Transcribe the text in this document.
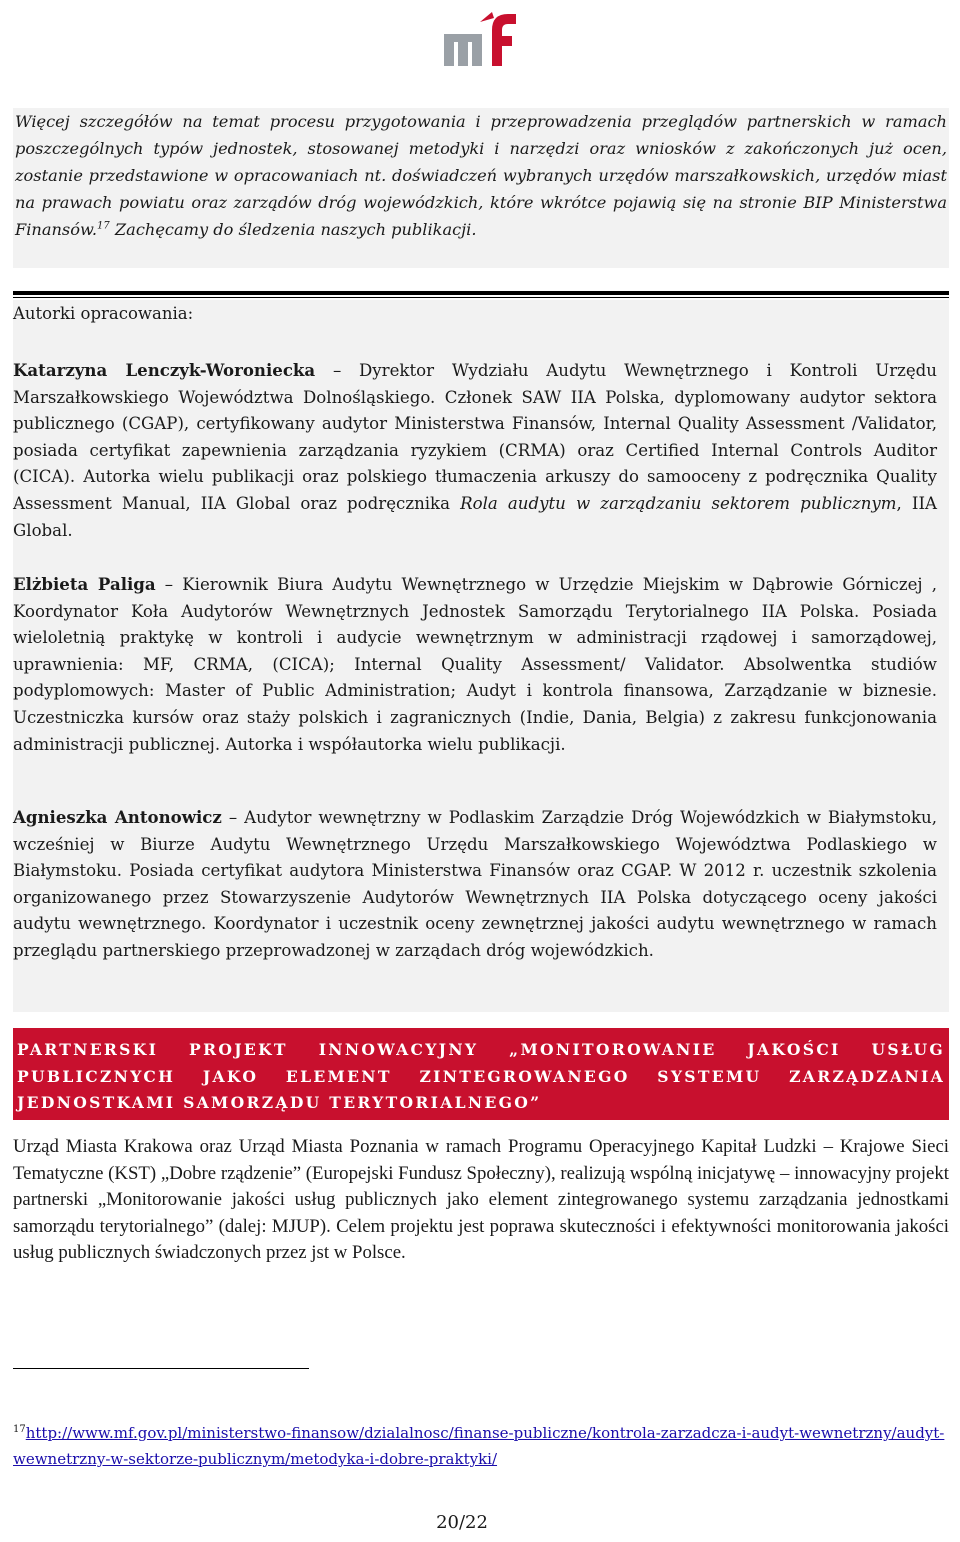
Więcej szczegółów na temat procesu przygotowania i przeprowadzenia przeglądów partnerskich w ramach poszczególnych typów jednostek, stosowanej metodyki i narzędzi oraz wniosków z zakończonych już ocen, zostanie przedstawione w opracowaniach nt. doświadczeń wybranych urzędów marszałkowskich, urzędów miast na prawach powiatu oraz zarządów dróg wojewódzkich, które wkrótce pojawią się na stronie BIP Ministerstwa Finansów.$^{17}$ Zachęcamy do śledzenia naszych publikacji.
Autorki opracowania:

Katarzyna Lenczyk-Woroniecka – Dyrektor Wydziału Audytu Wewnętrznego i Kontroli Urzędu Marszałkowskiego Województwa Dolnośląskiego. Członek SAW IIA Polska, dyplomowany audytor sektora publicznego (CGAP), certyfikowany audytor Ministerstwa Finansów, Internal Quality Assessment /Validator, posiada certyfikat zapewnienia zarządzania ryzykiem (CRMA) oraz Certified Internal Controls Auditor (CICA). Autorka wielu publikacji oraz polskiego tłumaczenia arkuszy do samooceny z podręcznika Quality Assessment Manual, IIA Global oraz podręcznika Rola audytu w zarządzaniu sektorem publicznym, IIA Global.

Elżbieta Paliga – Kierownik Biura Audytu Wewnętrznego w Urzędzie Miejskim w Dąbrowie Górniczej , Koordynator Koła Audytorów Wewnętrznych Jednostek Samorządu Terytorialnego IIA Polska. Posiada wieloletnią praktykę w kontroli i audycie wewnętrznym w administracji rządowej i samorządowej, uprawnienia: MF, CRMA, (CICA); Internal Quality Assessment/ Validator. Absolwentka studiów podyplomowych: Master of Public Administration; Audyt i kontrola finansowa, Zarządzanie w biznesie. Uczestniczka kursów oraz staży polskich i zagranicznych (Indie, Dania, Belgia) z zakresu funkcjonowania administracji publicznej. Autorka i współautorka wielu publikacji.

Agnieszka Antonowicz – Audytor wewnętrzny w Podlaskim Zarządzie Dróg Wojewódzkich w Białymstoku, wcześniej w Biurze Audytu Wewnętrznego Urzędu Marszałkowskiego Województwa Podlaskiego w Białymstoku. Posiada certyfikat audytora Ministerstwa Finansów oraz CGAP. W 2012 r. uczestnik szkolenia organizowanego przez Stowarzyszenie Audytorów Wewnętrznych IIA Polska dotyczącego oceny jakości audytu wewnętrznego. Koordynator i uczestnik oceny zewnętrznej jakości audytu wewnętrznego w ramach przeglądu partnerskiego przeprowadzonej w zarządach dróg wojewódzkich.

PARTNERSKI PROJEKT INNOWACYJNY „MONITOROWANIE JAKOŚCI USŁUG PUBLICZNYCH JAKO ELEMENT ZINTEGROWANEGO SYSTEMU ZARZĄDZANIA JEDNOSTKAMI SAMORZĄDU TERYTORIALNEGO”

Urząd Miasta Krakowa oraz Urząd Miasta Poznania w ramach Programu Operacyjnego Kapitał Ludzki – Krajowe Sieci Tematyczne (KST) „Dobre rządzenie” (Europejski Fundusz Społeczny), realizują wspólną inicjatywę – innowacyjny projekt partnerski „Monitorowanie jakości usług publicznych jako element zintegrowanego systemu zarządzania jednostkami samorządu terytorialnego” (dalej: MJUP). Celem projektu jest poprawa skuteczności i efektywności monitorowania jakości usług publicznych świadczonych przez jst w Polsce.

$^{17}$http://www.mf.gov.pl/ministerstwo-finansow/dzialalnosc/finanse-publiczne/kontrola-zarzadcza-i-audyt-wewnetrzny/audyt-wewnetrzny-w-sektorze-publicznym/metodyka-i-dobre-praktyki/

20/22
